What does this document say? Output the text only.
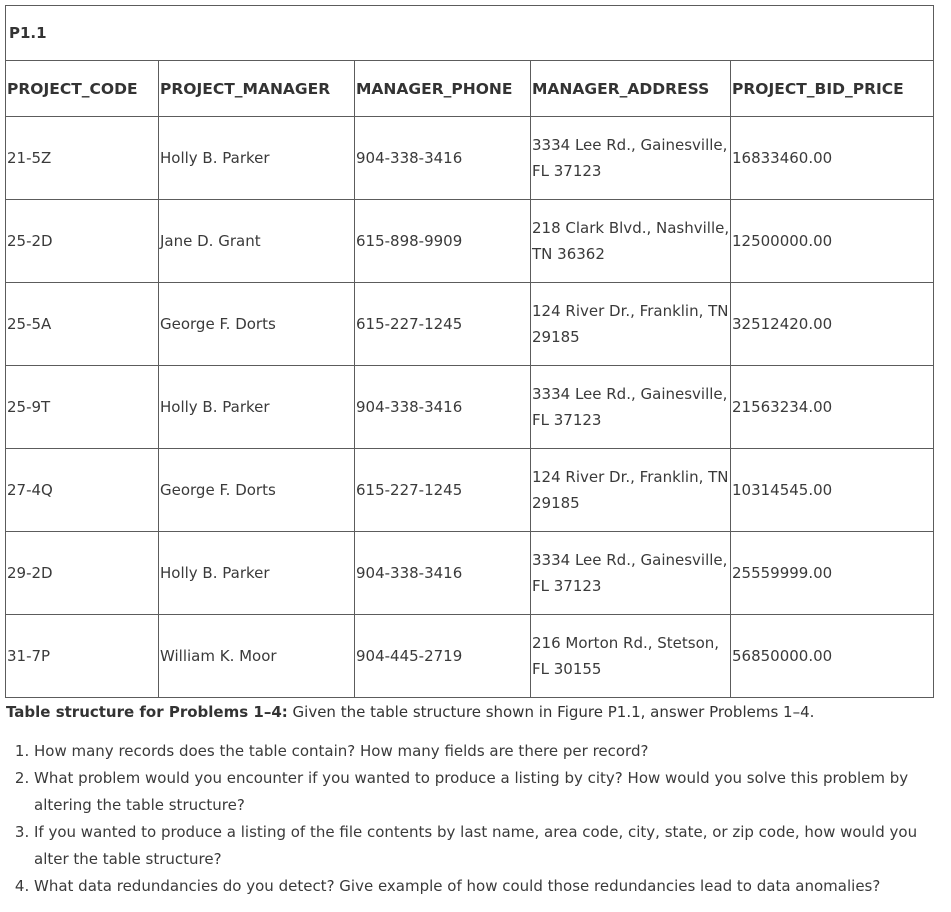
P1.1				
PROJECT_CODE	PROJECT_MANAGER	MANAGER_PHONE	MANAGER_ADDRESS	PROJECT_BID_PRICE
21-5Z	Holly B. Parker	904-338-3416	3334 Lee Rd., Gainesville, FL 37123	16833460.00
25-2D	Jane D. Grant	615-898-9909	218 Clark Blvd., Nashville, TN 36362	12500000.00
25-5A	George F. Dorts	615-227-1245	124 River Dr., Franklin, TN 29185	32512420.00
25-9T	Holly B. Parker	904-338-3416	3334 Lee Rd., Gainesville, FL 37123	21563234.00
27-4Q	George F. Dorts	615-227-1245	124 River Dr., Franklin, TN 29185	10314545.00
29-2D	Holly B. Parker	904-338-3416	3334 Lee Rd., Gainesville, FL 37123	25559999.00
31-7P	William K. Moor	904-445-2719	216 Morton Rd., Stetson, FL 30155	56850000.00
Table structure for Problems 1–4: Given the table structure shown in Figure P1.1, answer Problems 1–4.
1. How many records does the table contain? How many fields are there per record?
2. What problem would you encounter if you wanted to produce a listing by city? How would you solve this problem by altering the table structure?
3. If you wanted to produce a listing of the file contents by last name, area code, city, state, or zip code, how would you alter the table structure?
4. What data redundancies do you detect? Give example of how could those redundancies lead to data anomalies?
